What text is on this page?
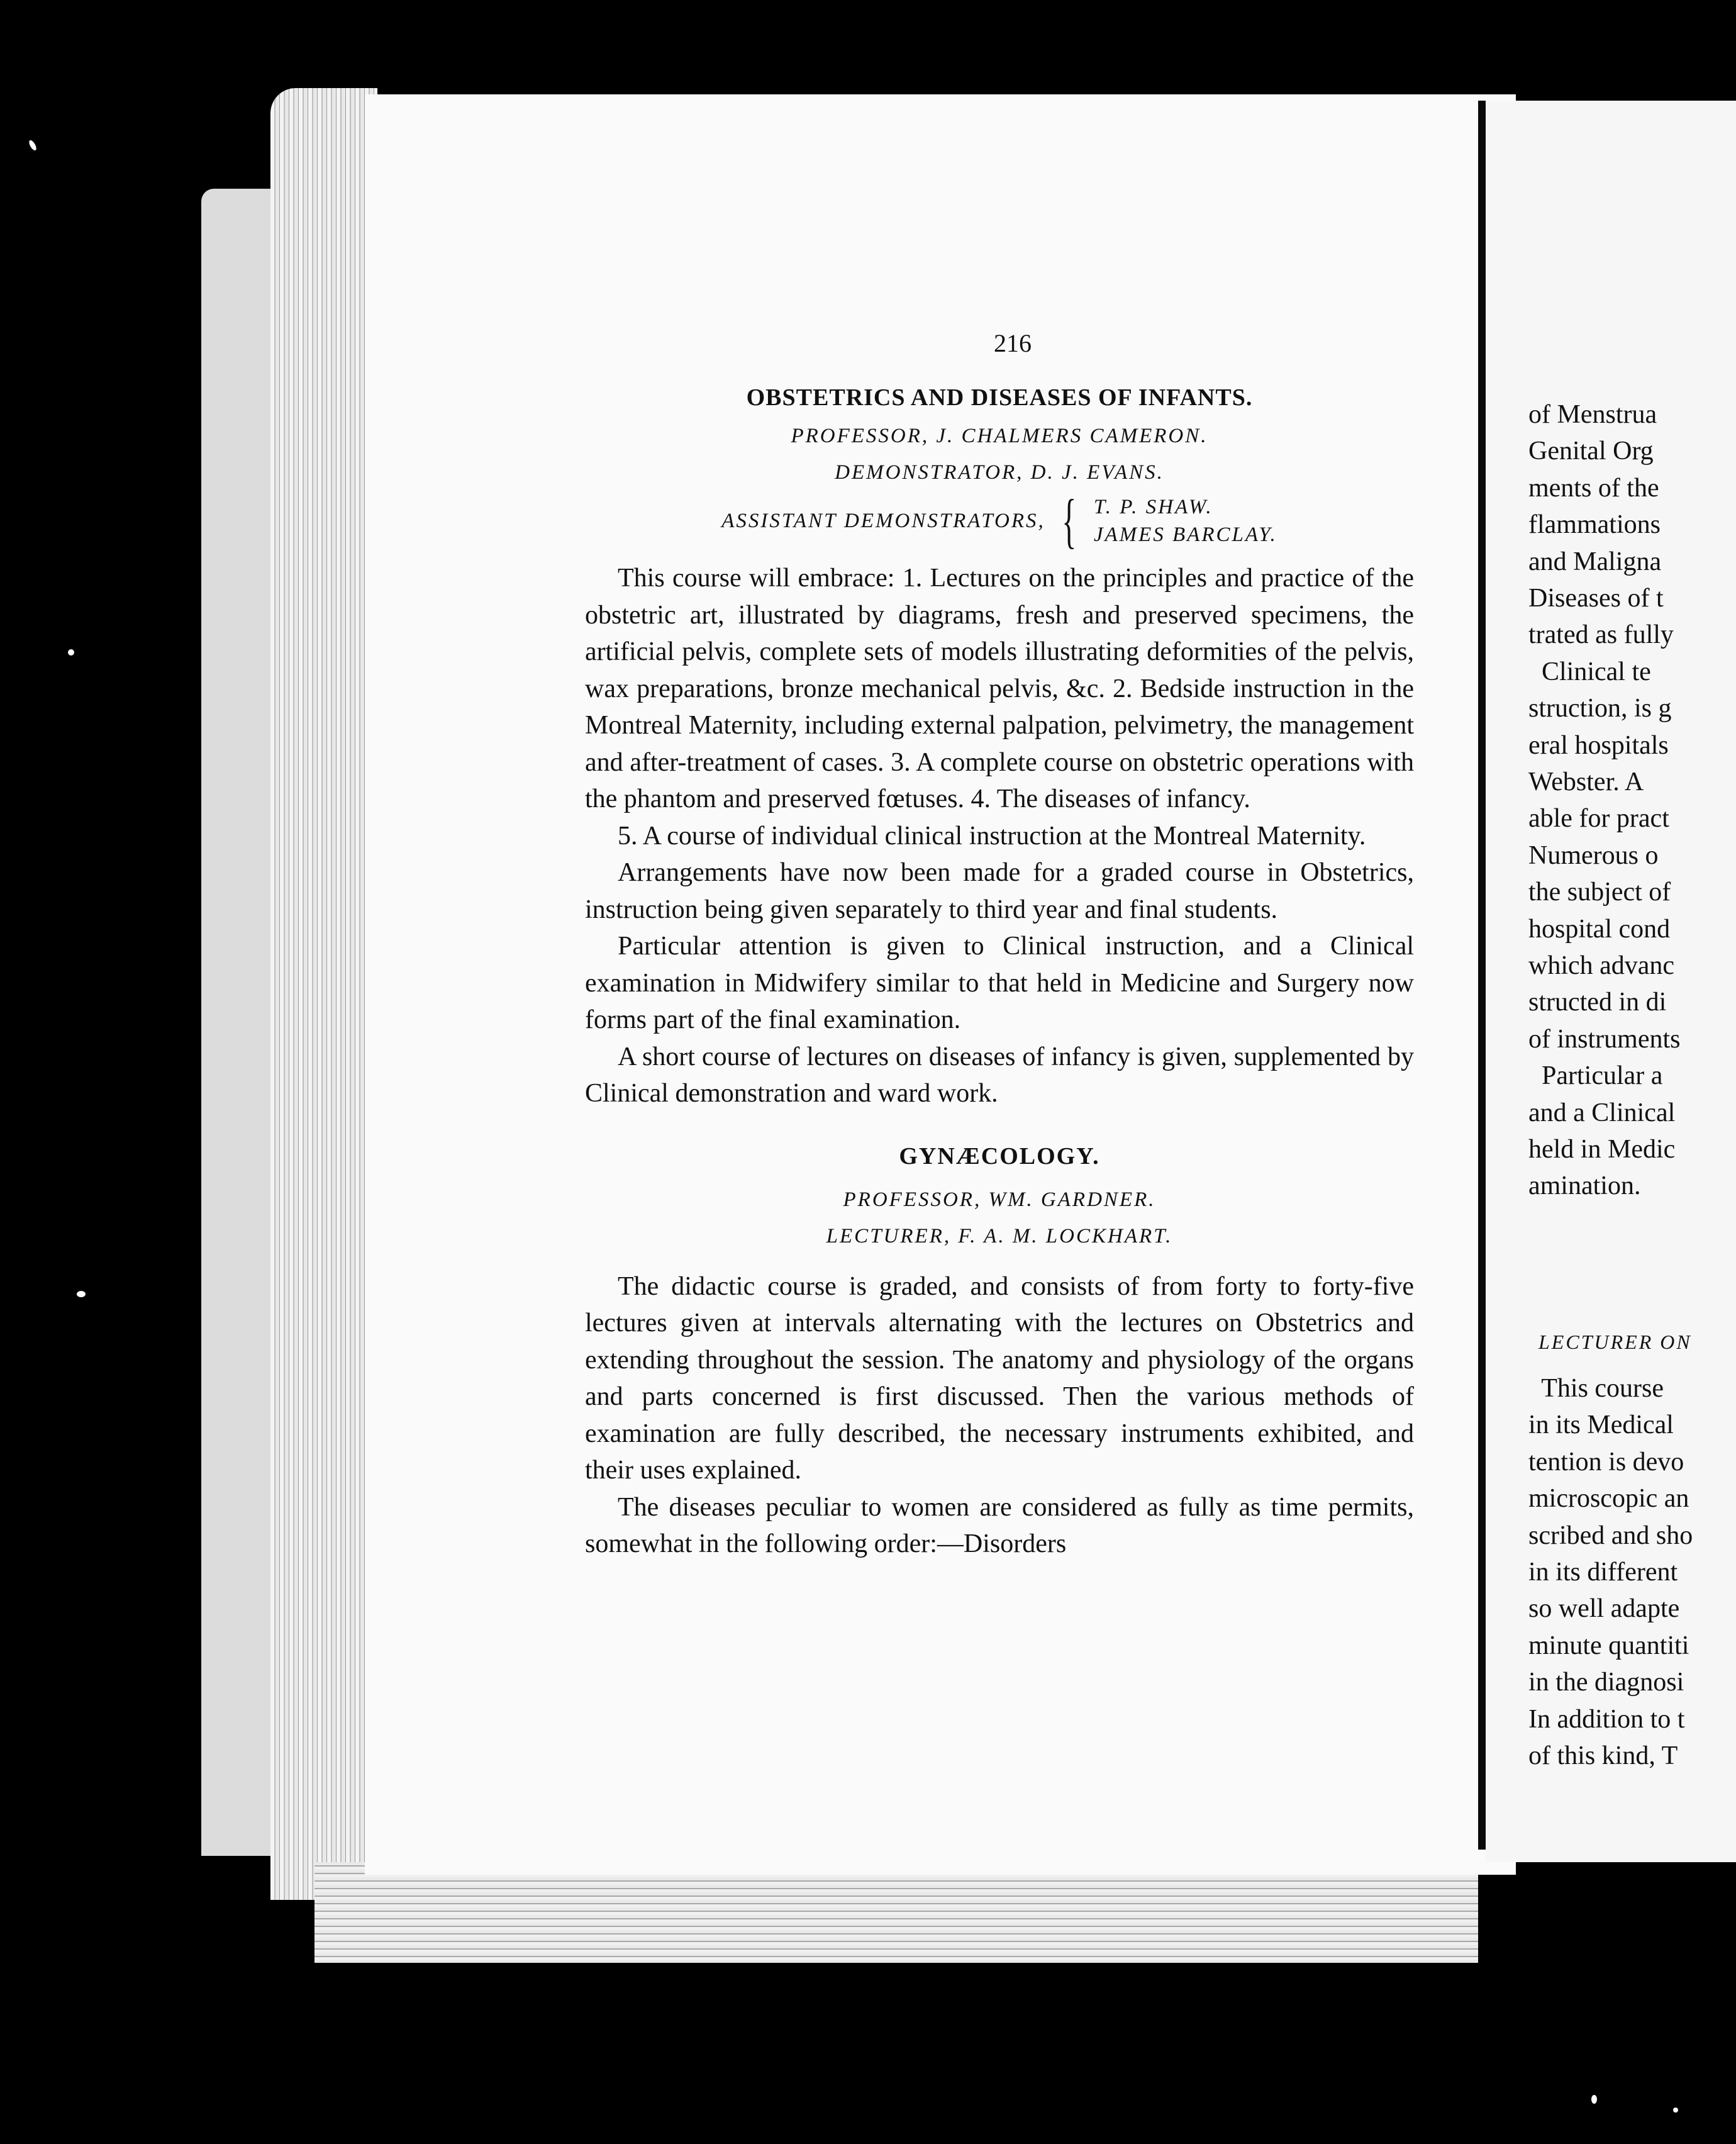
216
OBSTETRICS AND DISEASES OF INFANTS.

PROFESSOR, J. CHALMERS CAMERON.

DEMONSTRATOR, D. J. EVANS.

ASSISTANT DEMONSTRATORS, { T. P. SHAW.
JAMES BARCLAY.

This course will embrace: 1. Lectures on the principles and practice of the obstetric art, illustrated by diagrams, fresh and preserved specimens, the artificial pelvis, complete sets of models illustrating deformities of the pelvis, wax preparations, bronze mechanical pelvis, &c. 2. Bedside instruction in the Montreal Maternity, including external palpation, pelvimetry, the management and after-treatment of cases. 3. A complete course on obstetric operations with the phantom and preserved fœtuses. 4. The diseases of infancy.

5. A course of individual clinical instruction at the Montreal Maternity.

Arrangements have now been made for a graded course in Obstetrics, instruction being given separately to third year and final students.

Particular attention is given to Clinical instruction, and a Clinical examination in Midwifery similar to that held in Medicine and Surgery now forms part of the final examination.

A short course of lectures on diseases of infancy is given, supplemented by Clinical demonstration and ward work.

GYNÆCOLOGY.

PROFESSOR, WM. GARDNER.

LECTURER, F. A. M. LOCKHART.

The didactic course is graded, and consists of from forty to forty-five lectures given at intervals alternating with the lectures on Obstetrics and extending throughout the session. The anatomy and physiology of the organs and parts concerned is first discussed. Then the various methods of examination are fully described, the necessary instruments exhibited, and their uses explained.

The diseases peculiar to women are considered as fully as time permits, somewhat in the following order:—Disorders

LECTURER ON
of Menstrua
Genital Org
ments of the
flammations
and Maligna
Diseases of t
trated as fully
Clinical te
struction, is g
eral hospitals
Webster. A
able for pract
Numerous o
the subject of
hospital cond
which advanc
structed in di
of instruments
Particular a
and a Clinical
held in Medic
amination.
This course
in its Medical
tention is devo
microscopic an
scribed and sho
in its different
so well adapte
minute quantiti
in the diagnosi
In addition to t
of this kind, T
